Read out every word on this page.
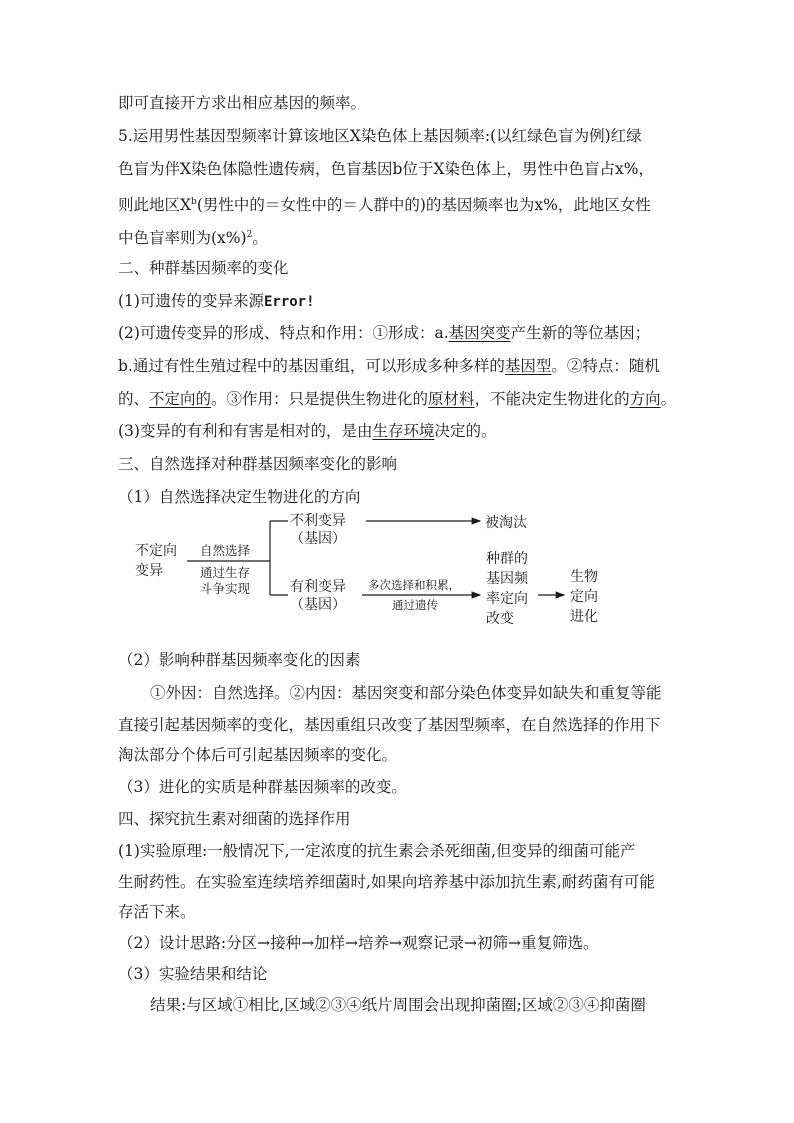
即可直接开方求出相应基因的频率。
5.运用男性基因型频率计算该地区X染色体上基因频率:(以红绿色盲为例)红绿
色盲为伴X染色体隐性遗传病，色盲基因b位于X染色体上，男性中色盲占x%，
则此地区$X^b$(男性中的＝女性中的＝人群中的)的基因频率也为x%，此地区女性
中色盲率则为$(x\%)^2$。
二、种群基因频率的变化
(1)可遗传的变异来源Error!
(2)可遗传变异的形成、特点和作用：①形成：a.基因突变产生新的等位基因；
b.通过有性生殖过程中的基因重组，可以形成多种多样的基因型。②特点：随机
的、不定向的。③作用：只是提供生物进化的原材料，不能决定生物进化的方向。
(3)变异的有利和有害是相对的，是由生存环境决定的。
三、自然选择对种群基因频率变化的影响
（1）自然选择决定生物进化的方向
不定向
变异
自然选择
通过生存
斗争实现
不利变异
（基因）
被淘汰
有利变异
（基因）
多次选择和积累，
通过遗传
种群的
基因频
率定向
改变
生物
定向
进化
（2）影响种群基因频率变化的因素
①外因：自然选择。②内因：基因突变和部分染色体变异如缺失和重复等能
直接引起基因频率的变化，基因重组只改变了基因型频率，在自然选择的作用下
淘汰部分个体后可引起基因频率的变化。
（3）进化的实质是种群基因频率的改变。
四、探究抗生素对细菌的选择作用
(1)实验原理:一般情况下,一定浓度的抗生素会杀死细菌,但变异的细菌可能产
生耐药性。在实验室连续培养细菌时,如果向培养基中添加抗生素,耐药菌有可能
存活下来。
（2）设计思路:分区→接种→加样→培养→观察记录→初筛→重复筛选。
（3）实验结果和结论
结果:与区域①相比,区域②③④纸片周围会出现抑菌圈;区域②③④抑菌圈
